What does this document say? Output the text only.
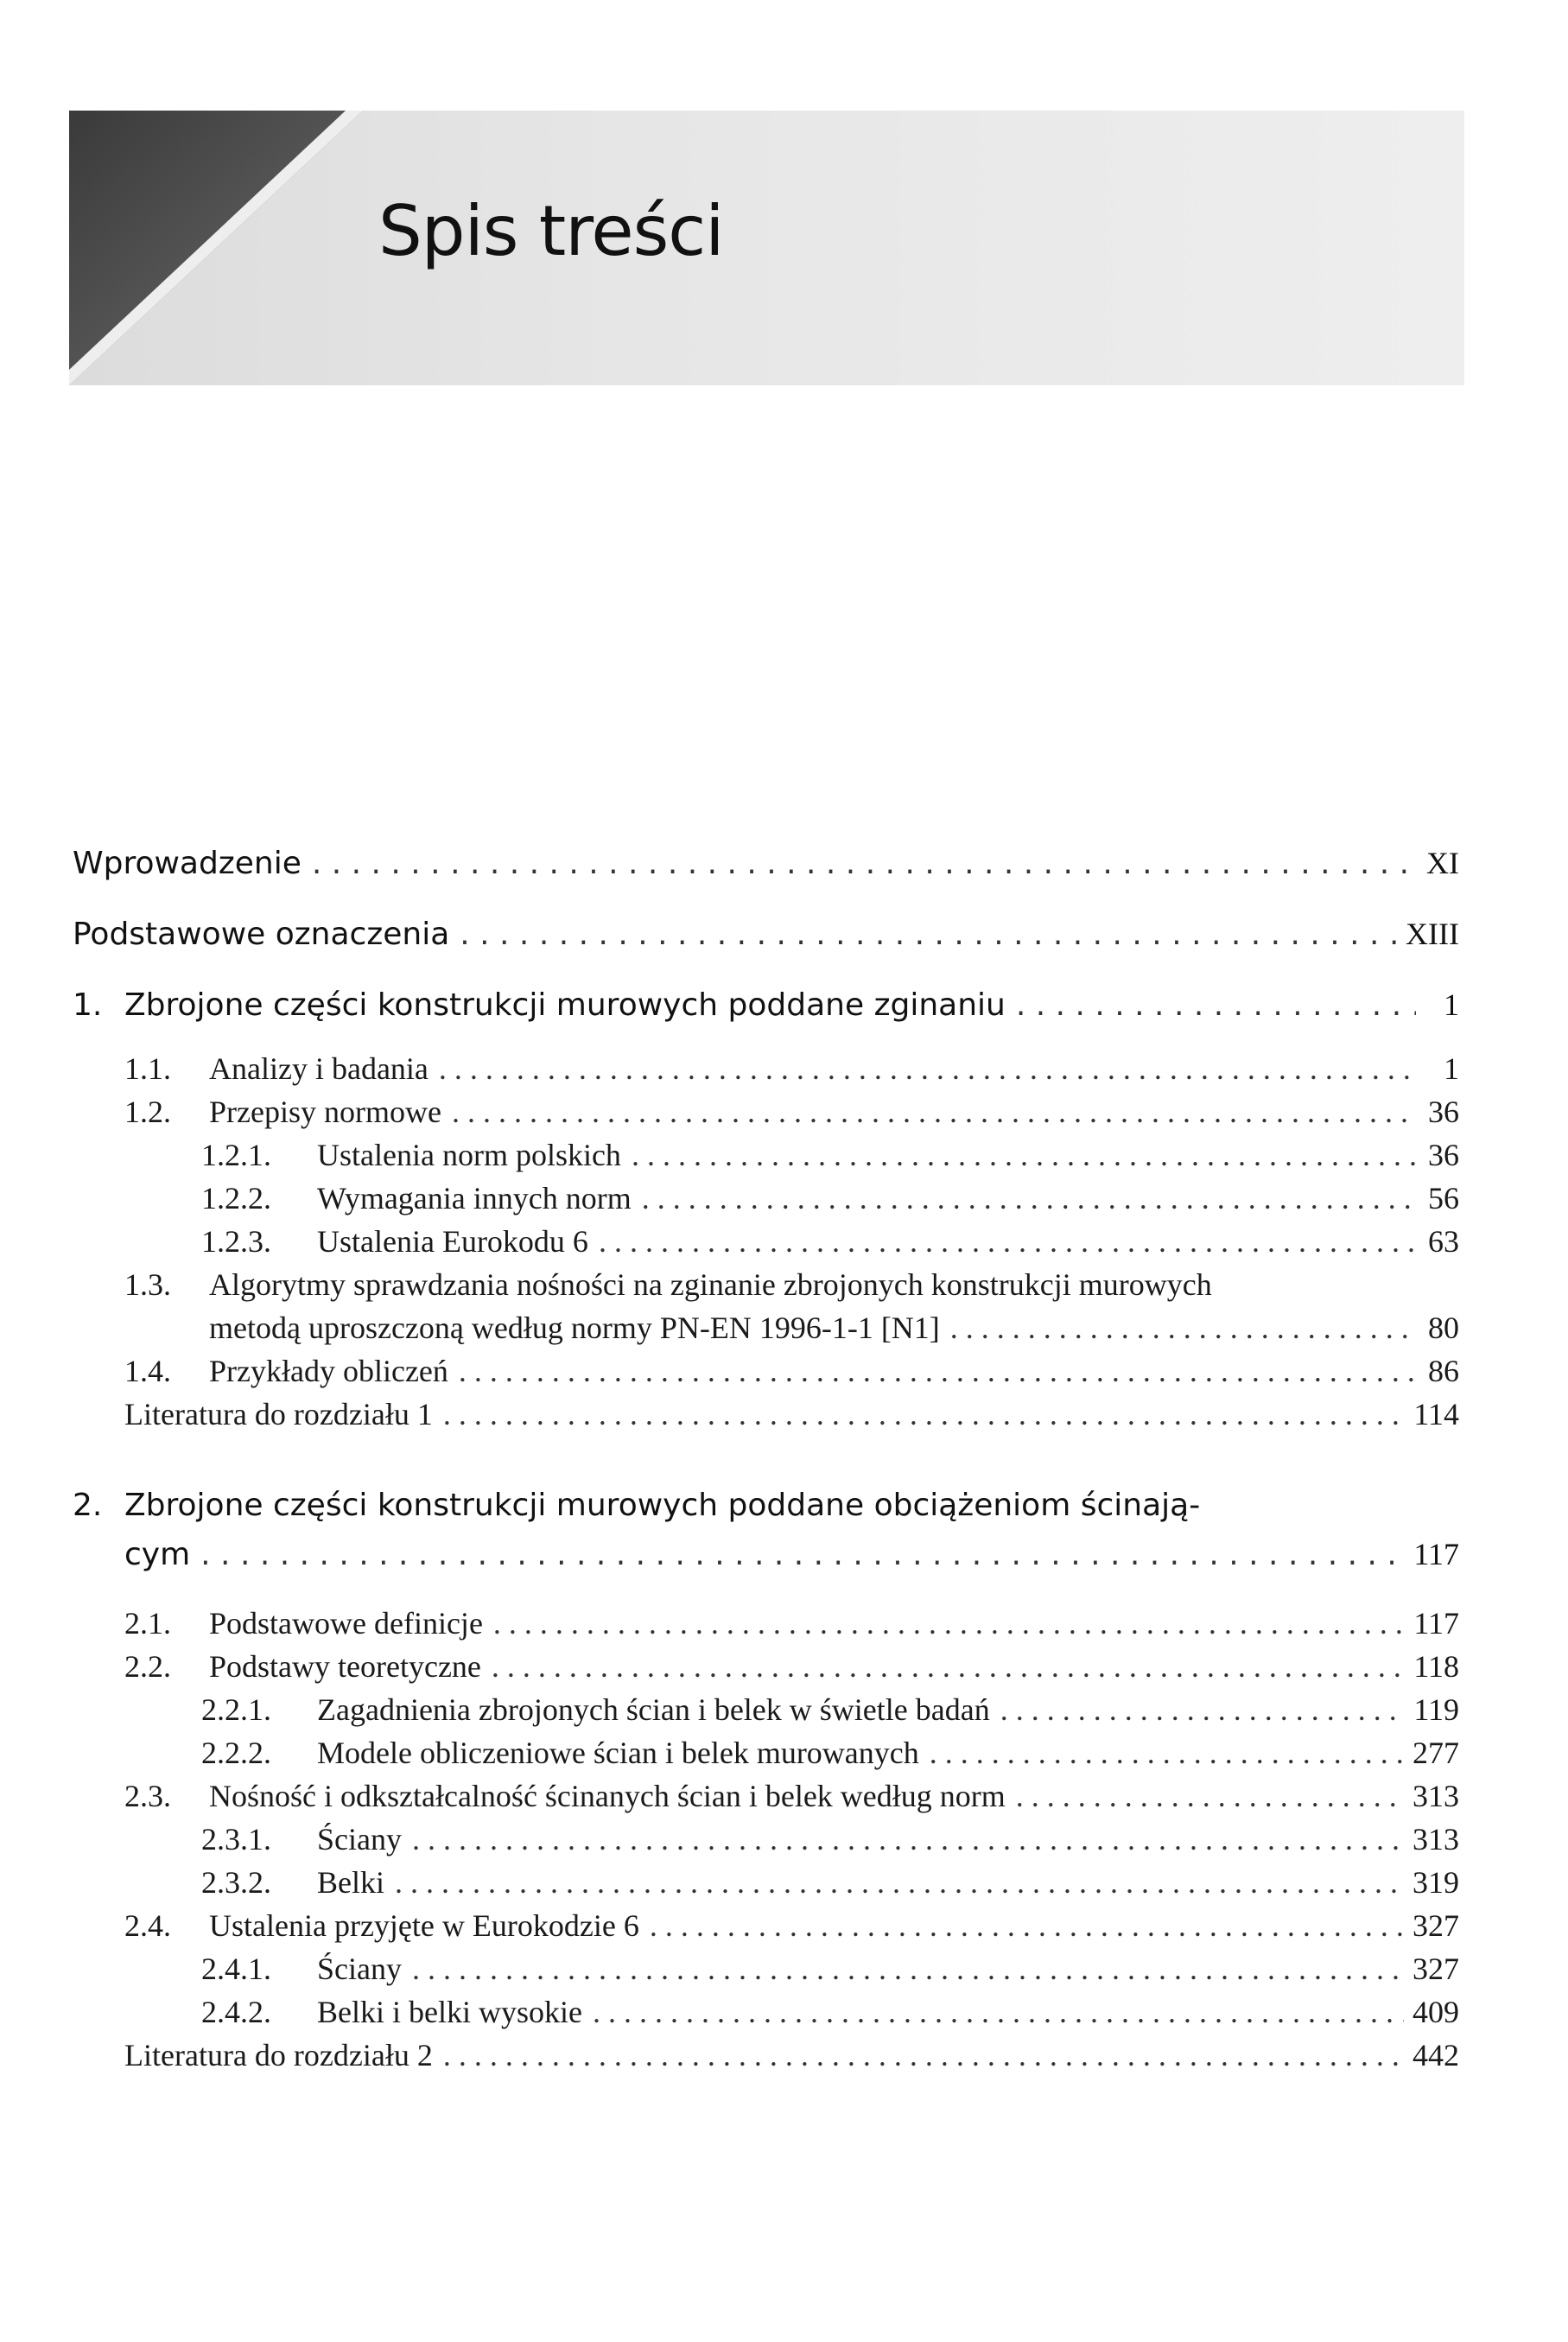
Spis treści
Wprowadzenie . . .	XI
Podstawowe oznaczenia . . .	XIII
1. Zbrojone części konstrukcji murowych poddane zginaniu . . .	1
1.1.	Analizy i badania . . .	1
1.2.	Przepisy normowe . . .	36
1.2.1.	Ustalenia norm polskich . . .	36
1.2.2.	Wymagania innych norm . . .	56
1.2.3.	Ustalenia Eurokodu 6 . . .	63
1.3. Algorytmy sprawdzania nośności na zginanie zbrojonych konstrukcji murowych
metodą uproszczoną według normy PN-EN 1996-1-1 [N1] . . .	80
1.4.	Przykłady obliczeń . . .	86
Literatura do rozdziału 1 . . .	114
2. Zbrojone części konstrukcji murowych poddane obciążeniom ścinają-
cym . . .	117
2.1.	Podstawowe definicje . . .	117
2.2.	Podstawy teoretyczne . . .	118
2.2.1.	Zagadnienia zbrojonych ścian i belek w świetle badań . . .	119
2.2.2.	Modele obliczeniowe ścian i belek murowanych . . .	277
2.3.	Nośność i odkształcalność ścinanych ścian i belek według norm . . .	313
2.3.1.	Ściany . . .	313
2.3.2.	Belki . . .	319
2.4.	Ustalenia przyjęte w Eurokodzie 6 . . .	327
2.4.1.	Ściany . . .	327
2.4.2.	Belki i belki wysokie . . .	409
Literatura do rozdziału 2 . . .	442
